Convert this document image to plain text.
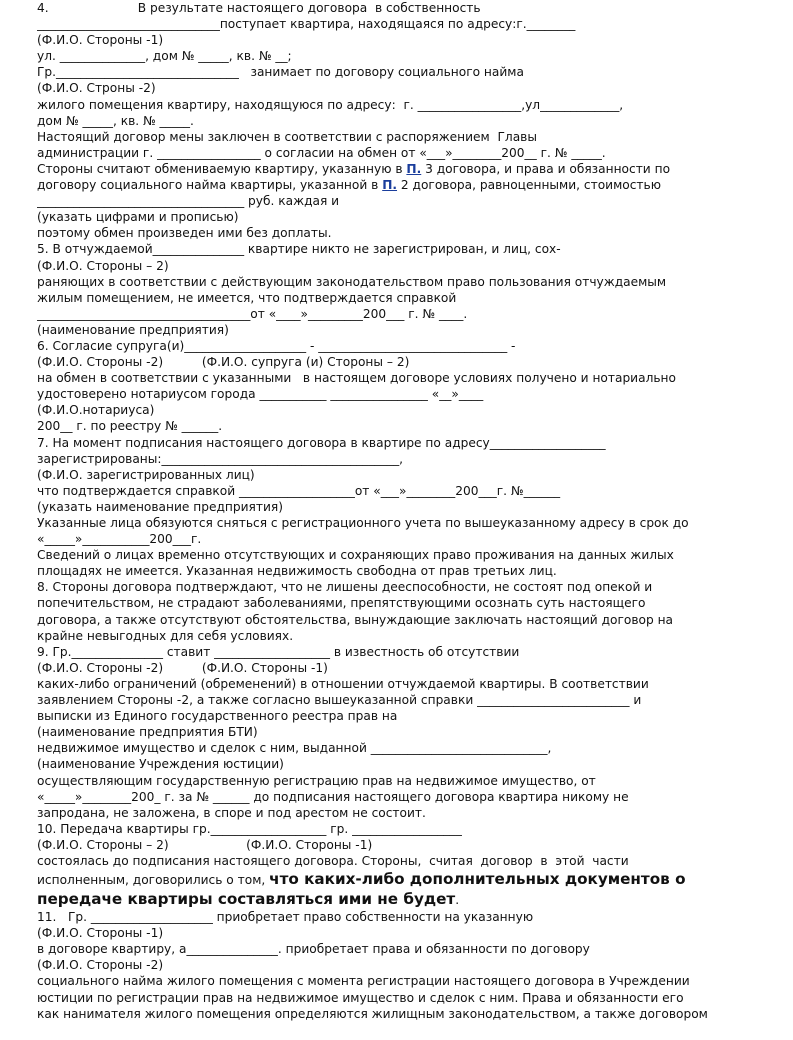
4.                       В результате настоящего договора  в собственность
______________________________поступает квартира, находящаяся по адресу:г.________
(Ф.И.О. Стороны -1)
ул. ______________, дом № _____, кв. № __;
Гр.______________________________   занимает по договору социального найма
(Ф.И.О. Строны -2)
жилого помещения квартиру, находящуюся по адресу:  г. _________________,ул_____________,
дом № _____, кв. № _____.
Настоящий договор мены заключен в соответствии с распоряжением  Главы
администрации г. _________________ о согласии на обмен от «___»________200__ г. № _____.
Стороны считают обмениваемую квартиру, указанную в П. 3 договора, и права и обязанности по
договору социального найма квартиры, указанной в П. 2 договора, равноценными, стоимостью
__________________________________ руб. каждая и
(указать цифрами и прописью)
поэтому обмен произведен ими без доплаты.
5. В отчуждаемой_______________ квартире никто не зарегистрирован, и лиц, сох-
(Ф.И.О. Стороны – 2)
раняющих в соответствии с действующим законодательством право пользования отчуждаемым
жилым помещением, не имеется, что подтверждается справкой
___________________________________от «____»_________200___ г. № ____.
(наименование предприятия)
6. Согласие супруга(и)____________________ - _______________________________ -
(Ф.И.О. Стороны -2)          (Ф.И.О. супруга (и) Стороны – 2)
на обмен в соответствии с указанными   в настоящем договоре условиях получено и нотариально
удостоверено нотариусом города ___________ ________________ «__»____
(Ф.И.О.нотариуса)
200__ г. по реестру № ______.
7. На момент подписания настоящего договора в квартире по адресу___________________
зарегистрированы:_______________________________________,
(Ф.И.О. зарегистрированных лиц)
что подтверждается справкой ___________________от «___»________200___г. №______
(указать наименование предприятия)
Указанные лица обязуются сняться с регистрационного учета по вышеуказанному адресу в срок до
«_____»___________200___г.
Сведений о лицах временно отсутствующих и сохраняющих право проживания на данных жилых
площадях не имеется. Указанная недвижимость свободна от прав третьих лиц.
8. Стороны договора подтверждают, что не лишены дееспособности, не состоят под опекой и
попечительством, не страдают заболеваниями, препятствующими осознать суть настоящего
договора, а также отсутствуют обстоятельства, вынуждающие заключать настоящий договор на
крайне невыгодных для себя условиях.
9. Гр._______________ ставит ___________________ в известность об отсутствии
(Ф.И.О. Стороны -2)          (Ф.И.О. Стороны -1)
каких-либо ограничений (обременений) в отношении отчуждаемой квартиры. В соответствии
заявлением Стороны -2, а также согласно вышеуказанной справки _________________________ и
выписки из Единого государственного реестра прав на
(наименование предприятия БТИ)
недвижимое имущество и сделок с ним, выданной _____________________________,
(наименование Учреждения юстиции)
осуществляющим государственную регистрацию прав на недвижимое имущество, от
«_____»________200_ г. за № ______ до подписания настоящего договора квартира никому не
запродана, не заложена, в споре и под арестом не состоит.
10. Передача квартиры гр.___________________ гр. __________________
(Ф.И.О. Стороны – 2)                    (Ф.И.О. Стороны -1)
состоялась до подписания настоящего договора. Стороны,  считая  договор  в  этой  части
исполненным, договорились о том, что каких-либо дополнительных документов о
передаче квартиры составляться ими не будет.
11.   Гр. ____________________ приобретает право собственности на указанную
(Ф.И.О. Стороны -1)
в договоре квартиру, а_______________. приобретает права и обязанности по договору
(Ф.И.О. Стороны -2)
социального найма жилого помещения с момента регистрации настоящего договора в Учреждении
юстиции по регистрации прав на недвижимое имущество и сделок с ним. Права и обязанности его
как нанимателя жилого помещения определяются жилищным законодательством, а также договором
